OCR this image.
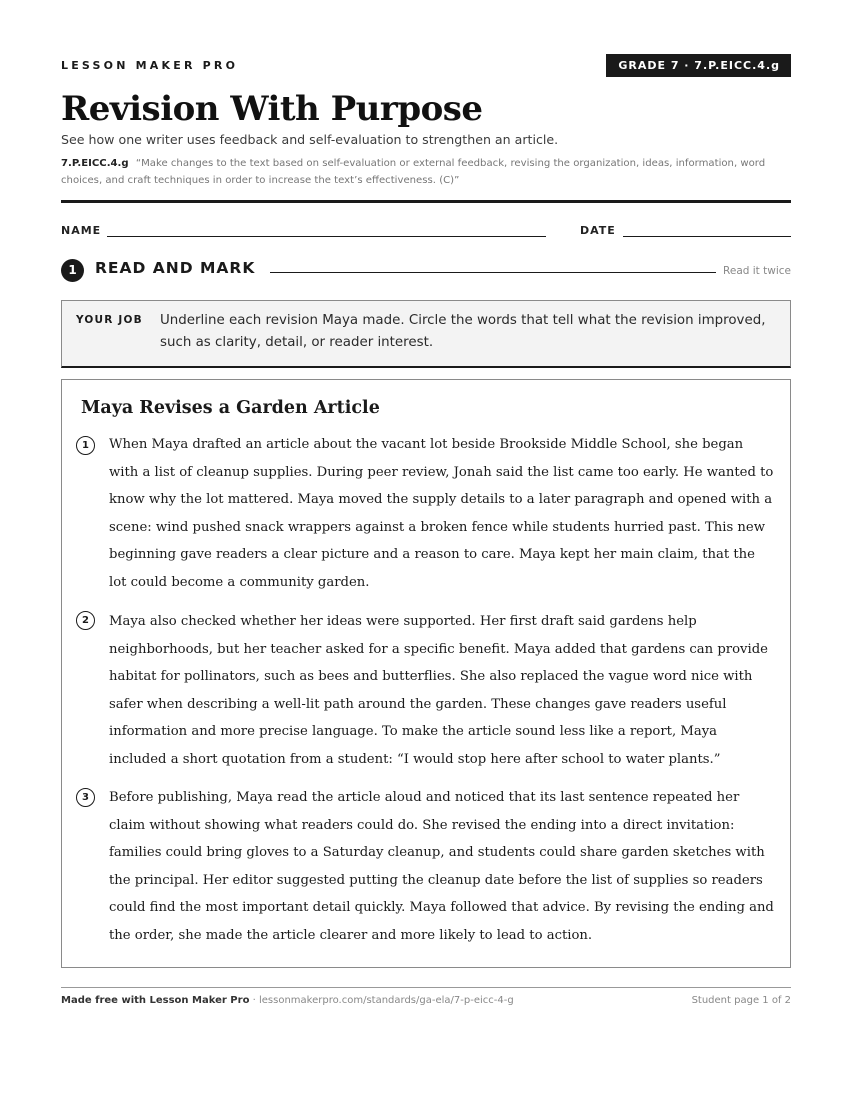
LESSON MAKER PRO	GRADE 7 · 7.P.EICC.4.g
Revision With Purpose
See how one writer uses feedback and self-evaluation to strengthen an article.
7.P.EICC.4.g “Make changes to the text based on self-evaluation or external feedback, revising the organization, ideas, information, word choices, and craft techniques in order to increase the text’s effectiveness. (C)”
NAME	DATE
1	READ AND MARK	Read it twice
YOUR JOB Underline each revision Maya made. Circle the words that tell what the revision improved, such as clarity, detail, or reader interest.
Maya Revises a Garden Article
1	When Maya drafted an article about the vacant lot beside Brookside Middle School, she began with a list of cleanup supplies. During peer review, Jonah said the list came too early. He wanted to know why the lot mattered. Maya moved the supply details to a later paragraph and opened with a scene: wind pushed snack wrappers against a broken fence while students hurried past. This new beginning gave readers a clear picture and a reason to care. Maya kept her main claim, that the lot could become a community garden.
2	Maya also checked whether her ideas were supported. Her first draft said gardens help neighborhoods, but her teacher asked for a specific benefit. Maya added that gardens can provide habitat for pollinators, such as bees and butterflies. She also replaced the vague word nice with safer when describing a well-lit path around the garden. These changes gave readers useful information and more precise language. To make the article sound less like a report, Maya included a short quotation from a student: “I would stop here after school to water plants.”
3	Before publishing, Maya read the article aloud and noticed that its last sentence repeated her claim without showing what readers could do. She revised the ending into a direct invitation: families could bring gloves to a Saturday cleanup, and students could share garden sketches with the principal. Her editor suggested putting the cleanup date before the list of supplies so readers could find the most important detail quickly. Maya followed that advice. By revising the ending and the order, she made the article clearer and more likely to lead to action.
Made free with Lesson Maker Pro · lessonmakerpro.com/standards/ga-ela/7-p-eicc-4-g	Student page 1 of 2
